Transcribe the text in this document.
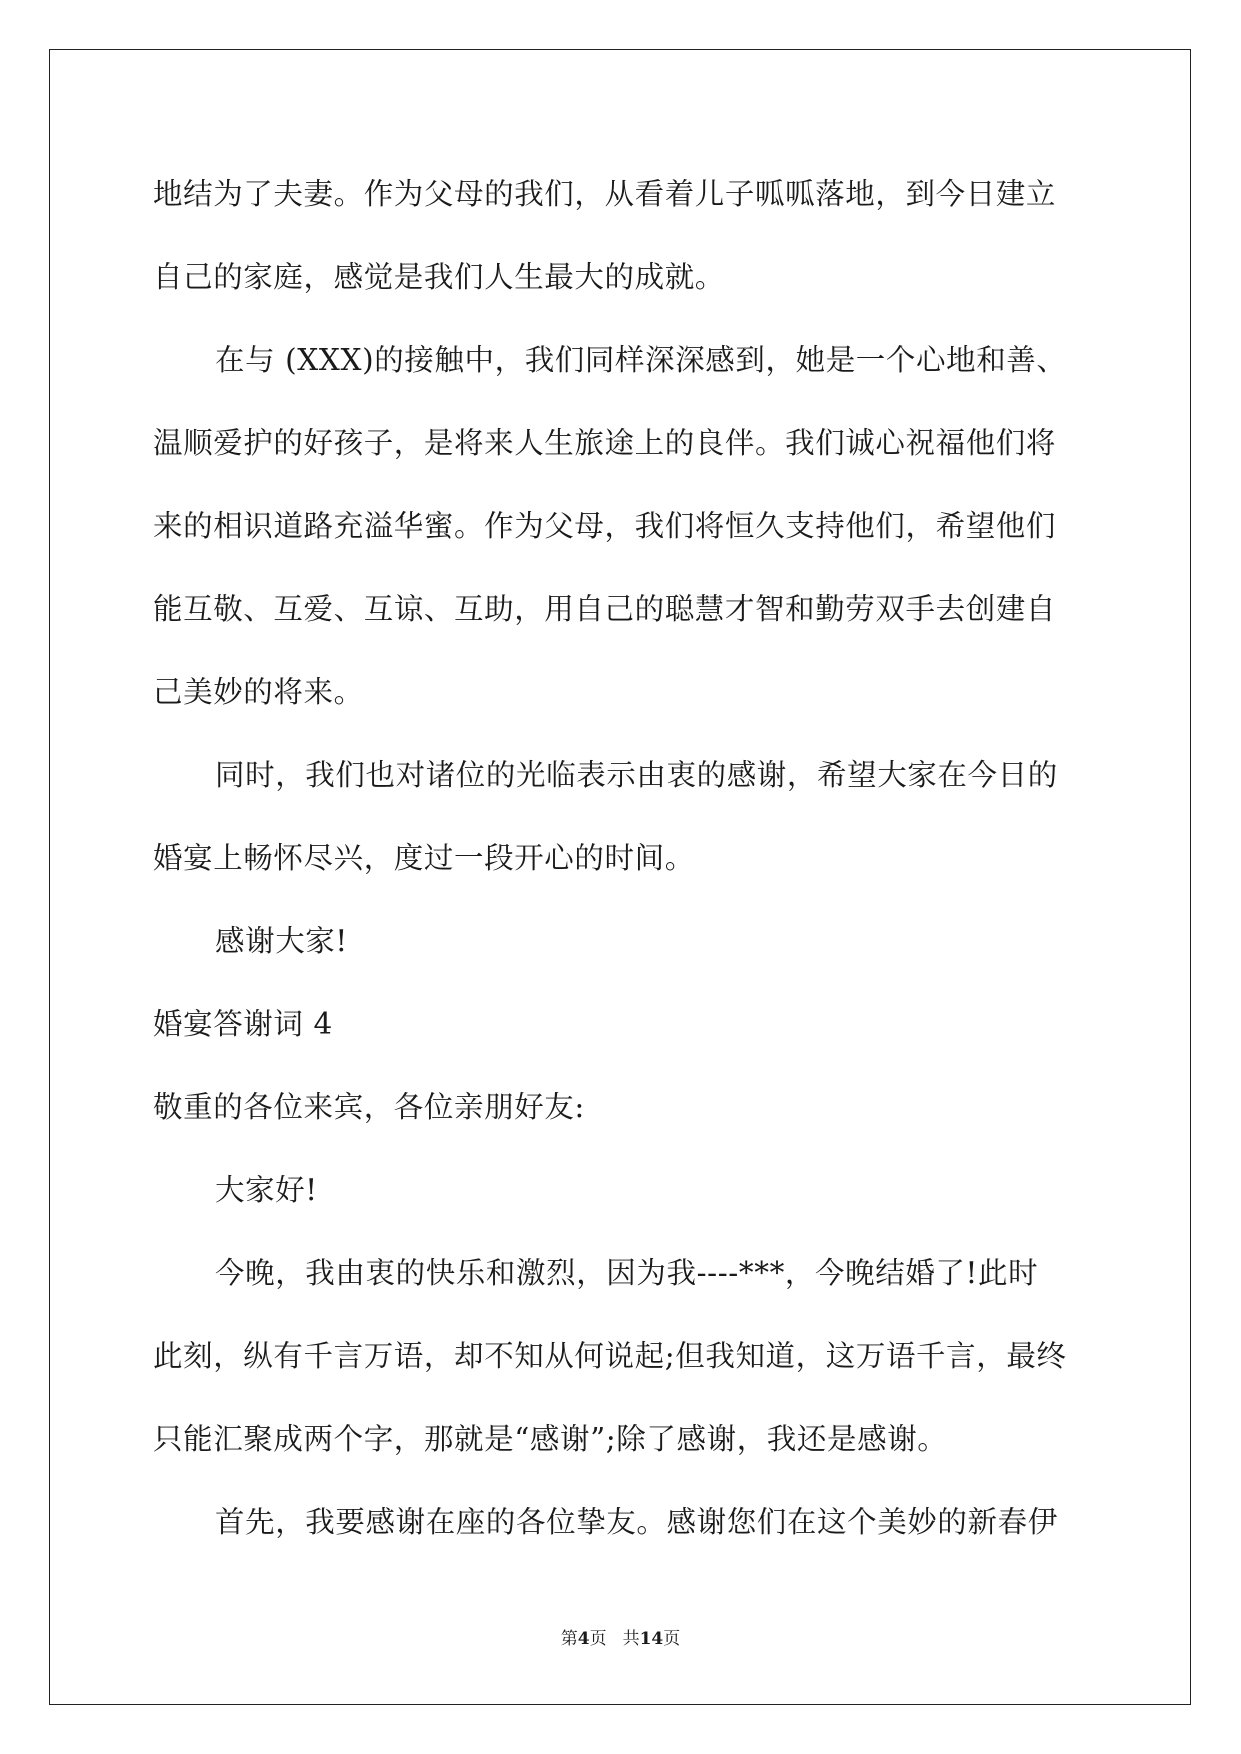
地结为了夫妻。作为父母的我们，从看着儿子呱呱落地，到今日建立
自己的家庭，感觉是我们人生最大的成就。
在与 (XXX)的接触中，我们同样深深感到，她是一个心地和善、
温顺爱护的好孩子，是将来人生旅途上的良伴。我们诚心祝福他们将
来的相识道路充溢华蜜。作为父母，我们将恒久支持他们，希望他们
能互敬、互爱、互谅、互助，用自己的聪慧才智和勤劳双手去创建自
己美妙的将来。
同时，我们也对诸位的光临表示由衷的感谢，希望大家在今日的
婚宴上畅怀尽兴，度过一段开心的时间。
感谢大家!
婚宴答谢词 4
敬重的各位来宾，各位亲朋好友:
大家好!
今晚，我由衷的快乐和激烈，因为我----***，今晚结婚了!此时
此刻，纵有千言万语，却不知从何说起;但我知道，这万语千言，最终
只能汇聚成两个字，那就是“感谢”;除了感谢，我还是感谢。
首先，我要感谢在座的各位挚友。感谢您们在这个美妙的新春伊
第4页 共14页
